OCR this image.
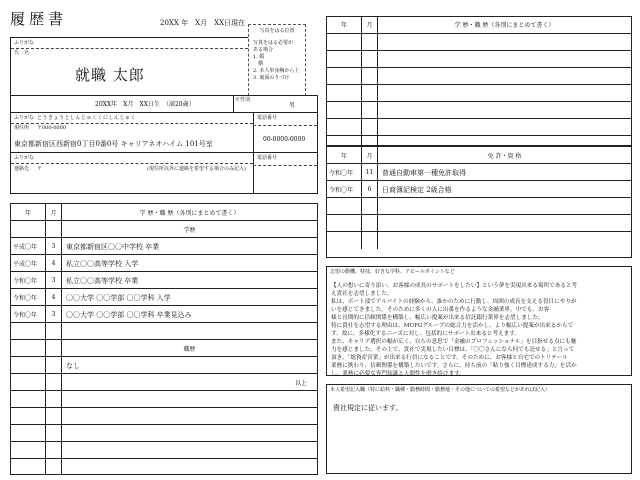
履歴書	20XX 年　X月　XX日現在
写真をはる位置
写真をはる必要が
ある場合
1. 縦
　横
2. 本人単身胸から上
3. 裏面のりづけ
ふりがな
氏　名
就職 太郎
20XX年　X月　XX日生　（満20歳）
※性別
男
ふりがな とうきょうとしんじゅくくにしんじゅく
現住所 〒000-0000
東京都新宿区西新宿0丁目0番0号 キャリアネオハイム 101号室
電話番号
00-0000-0000
ふりがな
連絡先 〒	(現住所以外に連絡を希望する場合のみ記入)
電話番号
年	月	学 歴・職 歴（各別にまとめて書く）
学歴
平成〇年	3	東京都新宿区〇〇中学校 卒業
平成〇年	4	私立〇〇高等学校 入学
令和〇年	3	私立〇〇高等学校 卒業
令和〇年	4	〇〇大学 〇〇学部 〇〇学科 入学
令和〇年	3	〇〇大学 〇〇学部 〇〇学科 卒業見込み
職歴
なし
以上
年	月	学 歴・職 歴（各別にまとめて書く）
年	月	免 許・資 格
令和〇年	11	普通自動車第一種免許取得
令和〇年	6	日商簿記検定 2級合格
志望の動機、特技、好きな学科、アピールポイントなど
【人の想いに寄り添い、お客様の成長のサポートをしたい】という夢を実現出来る場所であると考
え貴社を志望しました。
私は、ボート部でアルバイトの経験から、誰かのために行動し、周囲の成長を支える役目にやりが
いを感じてきました。そのために多くの人に出番を作るような金融業界、中でも、お客
様と長期的に信頼関係を構築し、幅広い提案が出来る信託銀行業界を志望しました。
特に貴社を志望する理由は、MUFGグループの総合力を活かし、より幅広い提案が出来るからで
す。故に、多様化するニーズに対し、包括的にサポート出来ると考えます。
また、キャリア選択の幅が広く、自らの意思で「金融のプロフェッショナル」を目指せる点にも魅
力を感じました。その上で、貴社で実現したい目標は、「〇〇さんになら何でも託せる」と言って
頂き、「総資産営業」が出来る行員になることです。そのために、お客様と自宅でのトリテール
業務に携わり、信頼関係を構築したいです。さらに、持ち前の「粘り強く目標達成する力」を活か
し、業務に必要な専門知識と人間性を磨き続けます。
本人希望記入欄（特に給料・職種・勤務時間・勤務地・その他についての希望などがあれば記入）
貴社規定に従います。
